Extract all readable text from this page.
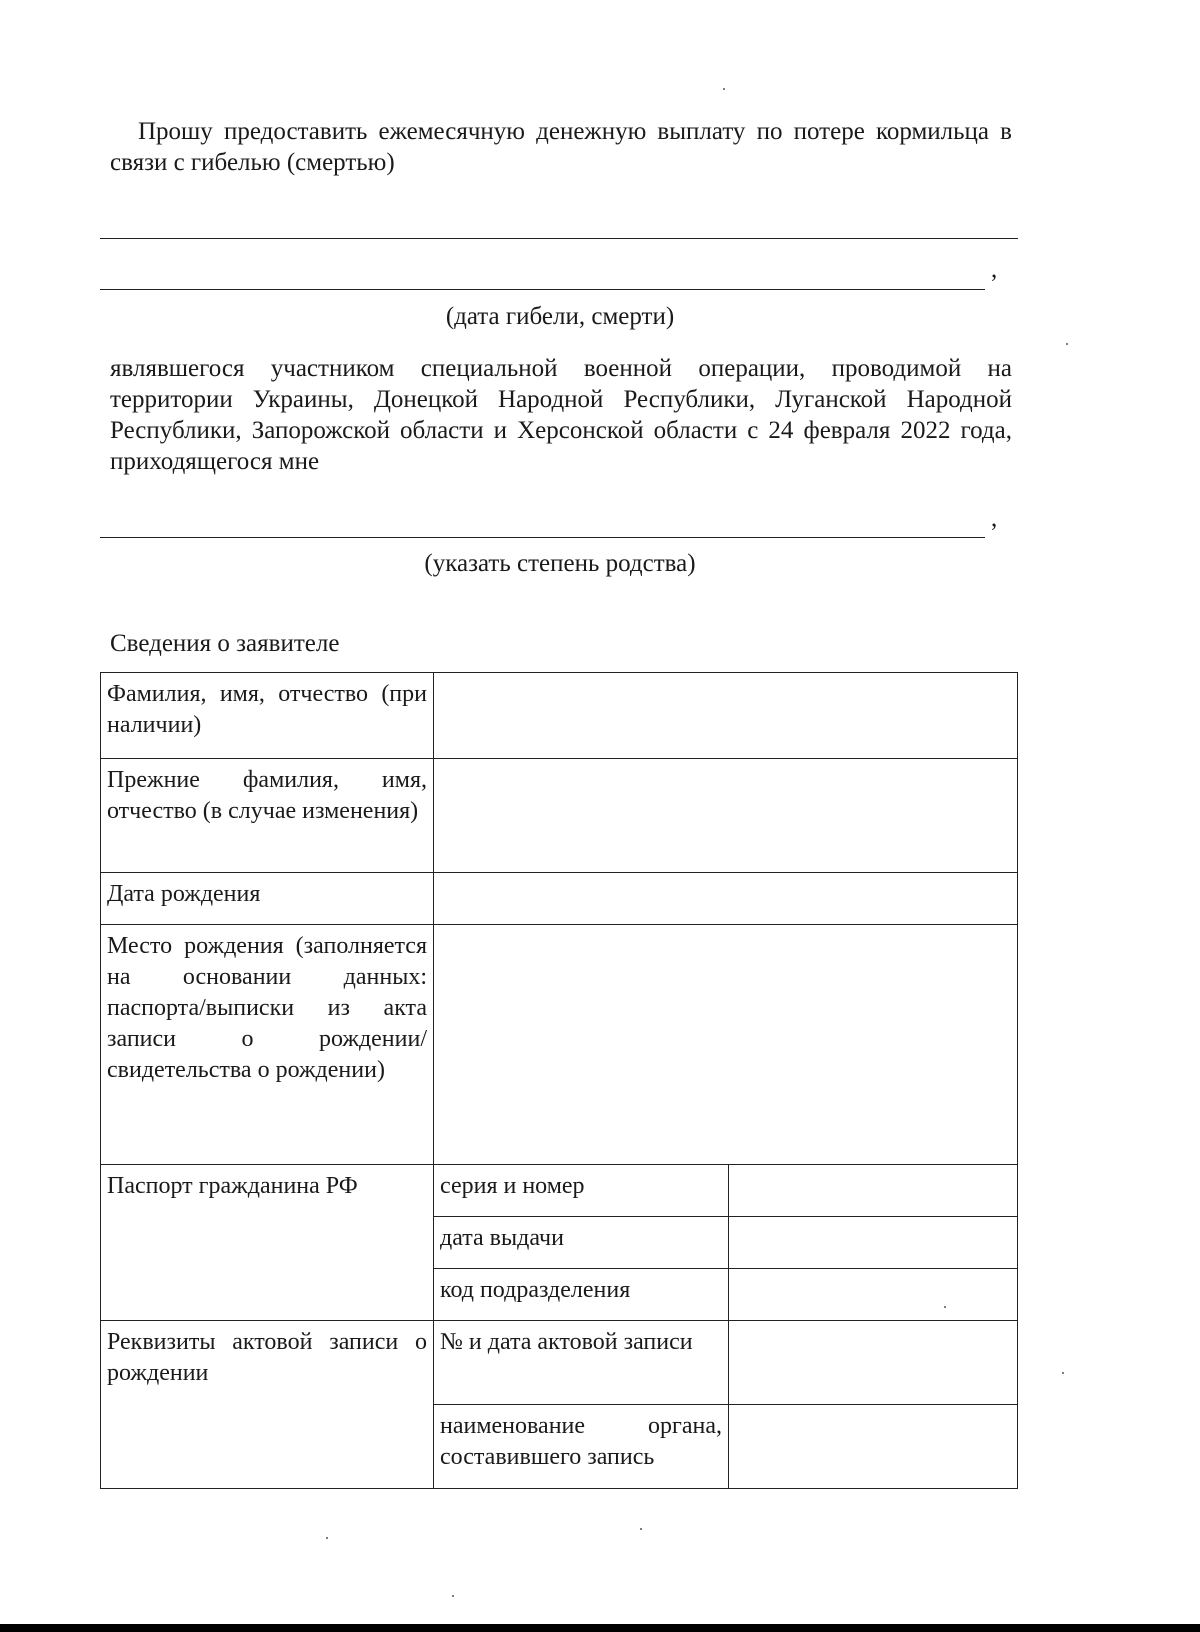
Прошу предоставить ежемесячную денежную выплату по потере кормильца в связи с гибелью (смертью)
,
(дата гибели, смерти)
являвшегося участником специальной военной операции, проводимой на территории Украины, Донецкой Народной Республики, Луганской Народной Республики, Запорожской области и Херсонской области с 24 февраля 2022 года, приходящегося мне
,
(указать степень родства)
Сведения о заявителе
Фамилия, имя, отчество (при наличии)		
Прежние фамилия, имя, отчество (в случае изменения)		
Дата рождения		
Место рождения (заполняется на основании данных: паспорта/выписки из акта записи о рождении/свидетельства о рождении)		
Паспорт гражданина РФ	серия и номер	
	дата выдачи	
	код подразделения	
Реквизиты актовой записи о рождении	№ и дата актовой записи	
	наименование органа, составившего запись	
